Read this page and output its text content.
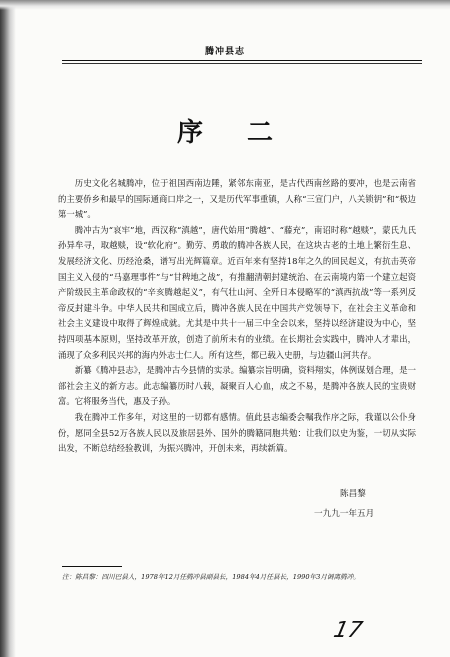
腾冲县志
序二

历史文化名城腾冲，位于祖国西南边陲，紧邻东南亚，是古代西南丝路的要冲，也是云南省的主要侨乡和最早的国际通商口岸之一，又是历代军事重镇，人称“三宣门户，八关锁钥”和“极边第一城”。

腾冲古为“哀牢”地，西汉称“滇越”，唐代始用“腾越”、“藤充”，南诏时称“越赕”，蒙氏九氏孙异牟寻，取越赕，设“软化府”。勤劳、勇敢的腾冲各族人民，在这块古老的土地上繁衍生息、发展经济文化、历经沧桑，谱写出光辉篇章。近百年来有坚持18年之久的回民起义，有抗击英帝国主义入侵的“马嘉理事件”与“甘稗地之战”，有推翻清朝封建统治、在云南境内第一个建立起资产阶级民主革命政权的“辛亥腾越起义”，有气壮山河、全歼日本侵略军的“滇西抗战”等一系列反帝反封建斗争。中华人民共和国成立后，腾冲各族人民在中国共产党领导下，在社会主义革命和社会主义建设中取得了辉煌成就。尤其是中共十一届三中全会以来，坚持以经济建设为中心，坚持四项基本原则，坚持改革开放，创造了前所未有的业绩。在长期社会实践中，腾冲人才辈出，涌现了众多利民兴邦的海内外志士仁人。所有这些，都已载入史册，与边疆山河共存。

新纂《腾冲县志》，是腾冲古今县情的实录。编纂宗旨明确，资料翔实，体例谋划合理，是一部社会主义的新方志。此志编纂历时八载，凝聚百人心血，成之不易，是腾冲各族人民的宝贵财富。它将服务当代，惠及子孙。

我在腾冲工作多年，对这里的一切都有感情。值此县志编委会嘱我作序之际，我谨以公仆身份，愿同全县52万各族人民以及旅居县外、国外的腾籍同胞共勉：让我们以史为鉴，一切从实际出发，不断总结经验教训，为振兴腾冲，开创未来，再续新篇。

陈昌黎
一九九一年五月
注：陈昌黎：四川巴县人，1978年12月任腾冲县副县长，1984年4月任县长，1990年3月调离腾冲。
17
